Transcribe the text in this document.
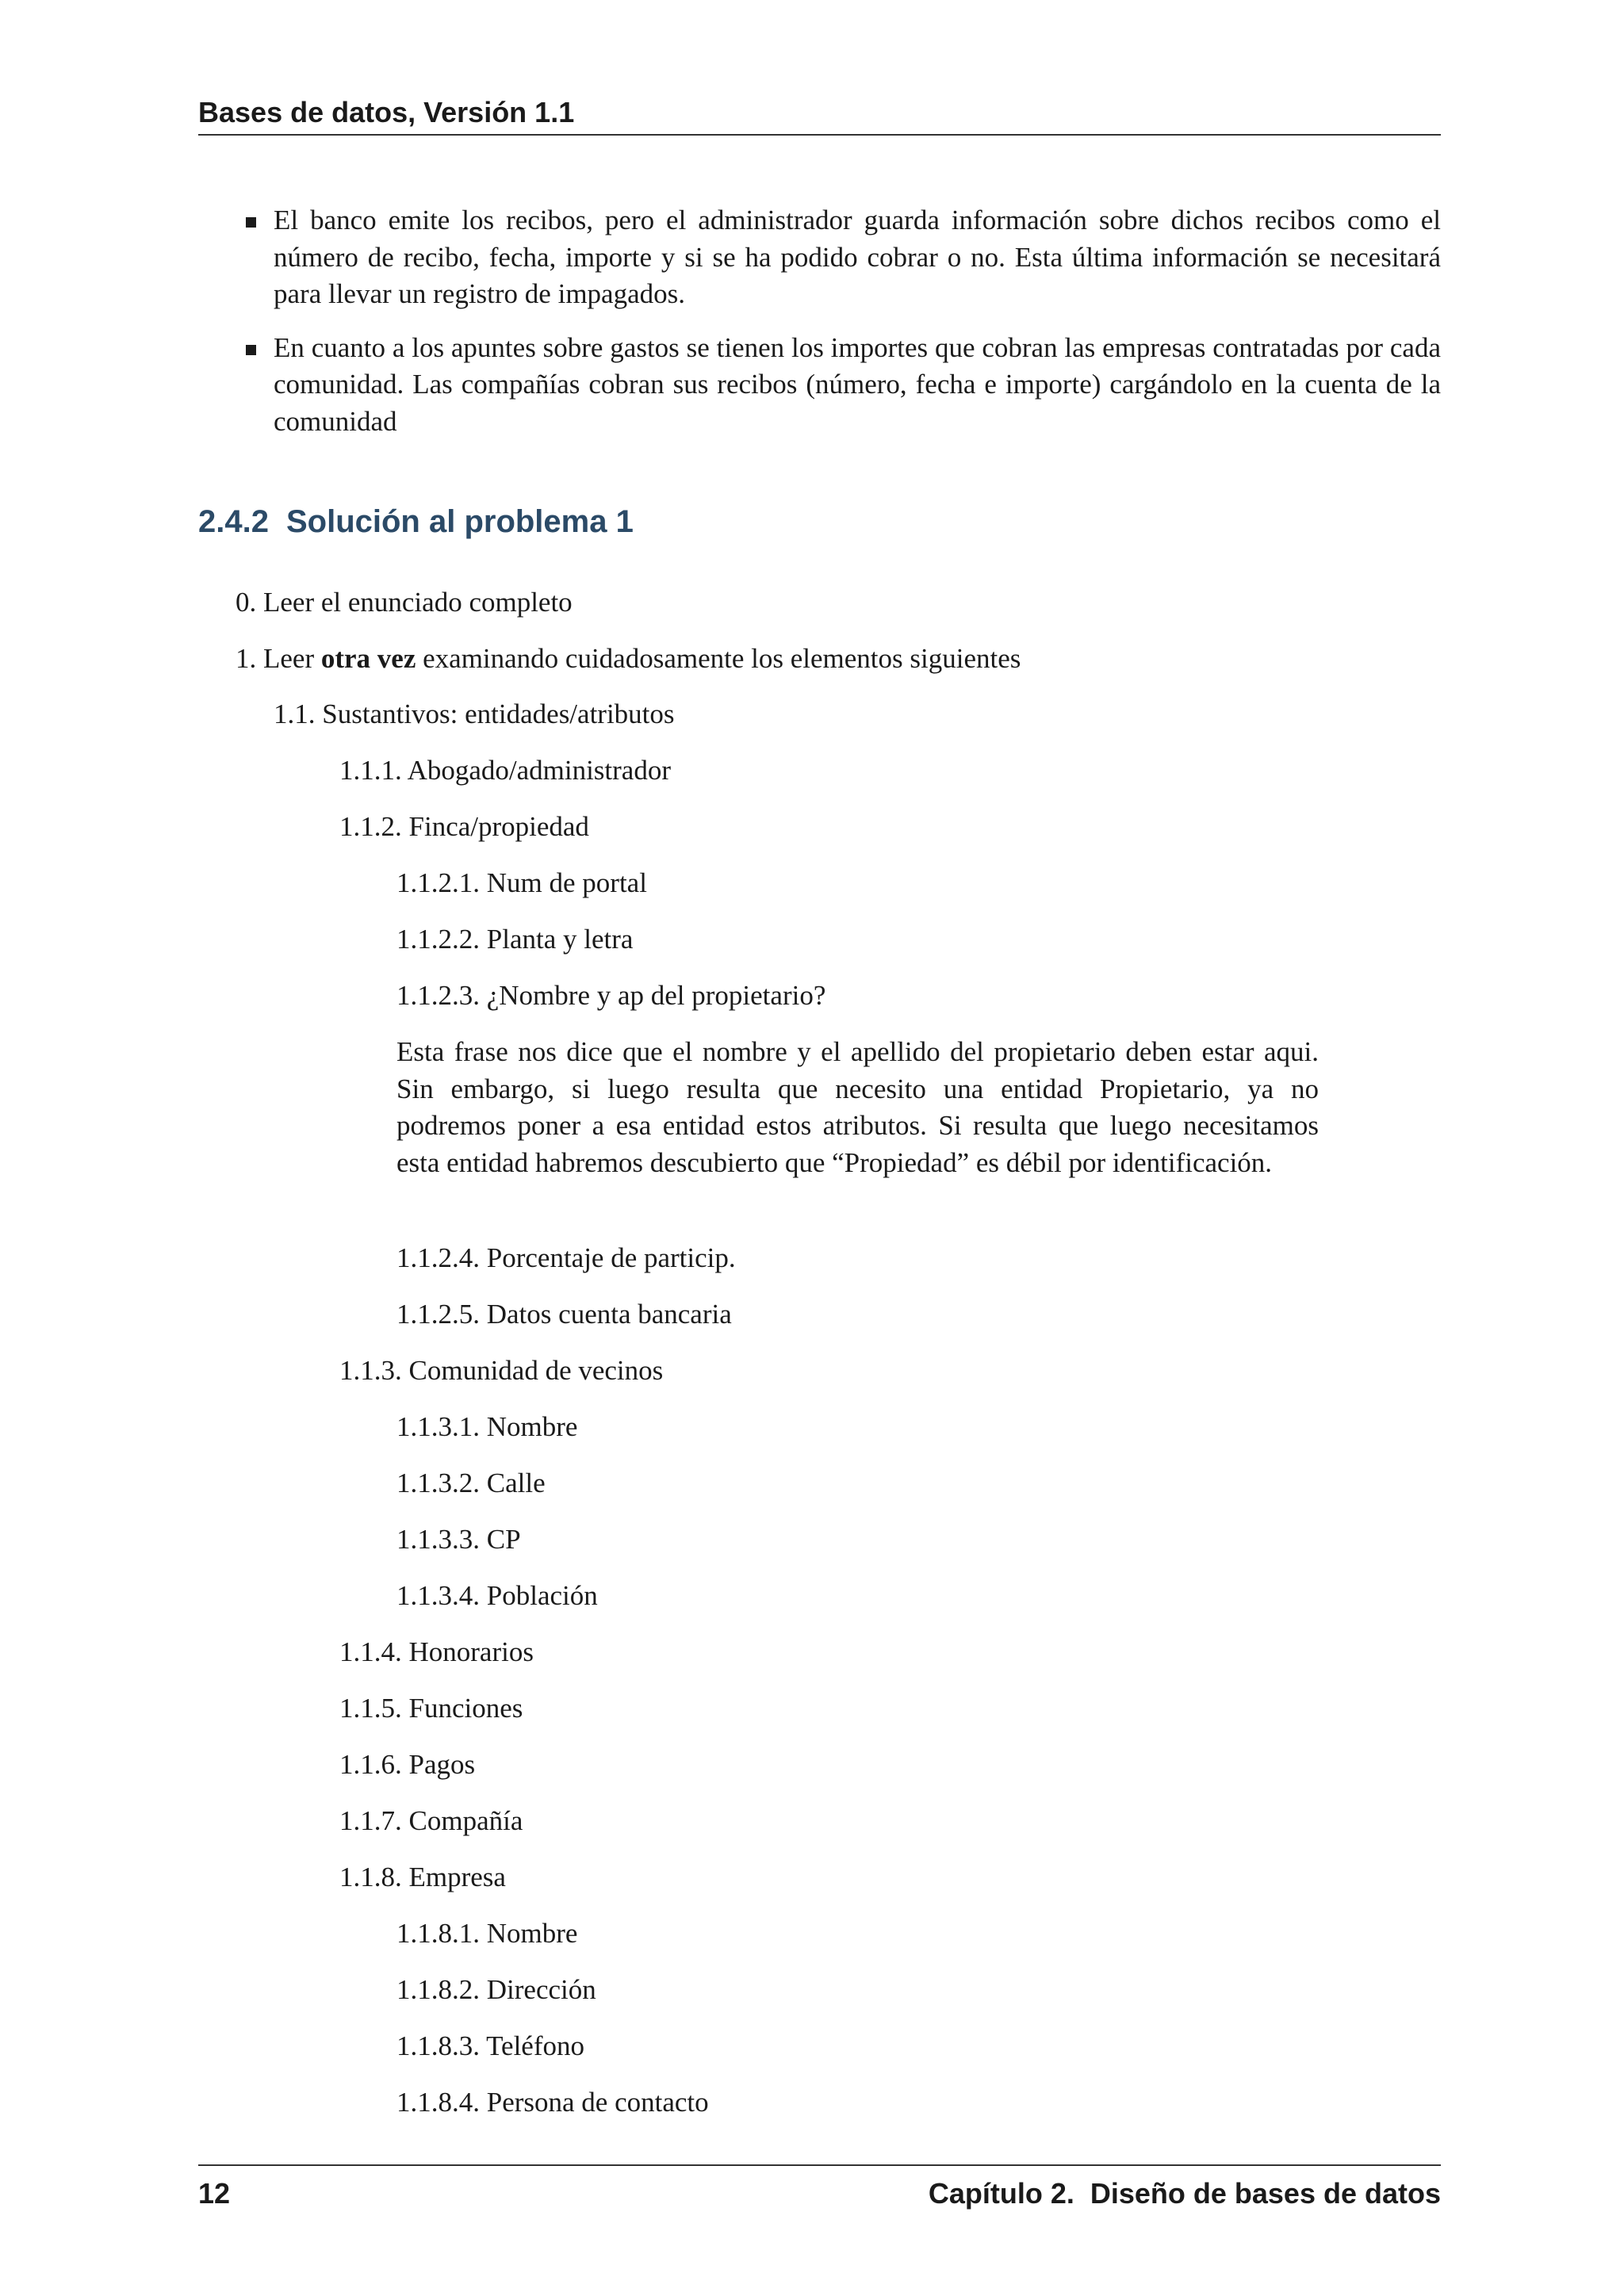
Bases de datos, Versión 1.1
El banco emite los recibos, pero el administrador guarda información sobre dichos recibos como el número de recibo, fecha, importe y si se ha podido cobrar o no. Esta última información se necesitará para llevar un registro de impagados.
En cuanto a los apuntes sobre gastos se tienen los importes que cobran las empresas contratadas por cada comunidad. Las compañías cobran sus recibos (número, fecha e importe) cargándolo en la cuenta de la comunidad
2.4.2 Solución al problema 1
0. Leer el enunciado completo
1. Leer otra vez examinando cuidadosamente los elementos siguientes
1.1. Sustantivos: entidades/atributos
1.1.1. Abogado/administrador
1.1.2. Finca/propiedad
1.1.2.1. Num de portal
1.1.2.2. Planta y letra
1.1.2.3. ¿Nombre y ap del propietario?
Esta frase nos dice que el nombre y el apellido del propietario deben estar aqui. Sin embargo, si luego resulta que necesito una entidad Propietario, ya no podremos poner a esa entidad estos atributos. Si resulta que luego necesitamos esta entidad habremos descubierto que “Propiedad” es débil por identificación.
1.1.2.4. Porcentaje de particip.
1.1.2.5. Datos cuenta bancaria
1.1.3. Comunidad de vecinos
1.1.3.1. Nombre
1.1.3.2. Calle
1.1.3.3. CP
1.1.3.4. Población
1.1.4. Honorarios
1.1.5. Funciones
1.1.6. Pagos
1.1.7. Compañía
1.1.8. Empresa
1.1.8.1. Nombre
1.1.8.2. Dirección
1.1.8.3. Teléfono
1.1.8.4. Persona de contacto
12	Capítulo 2.  Diseño de bases de datos
